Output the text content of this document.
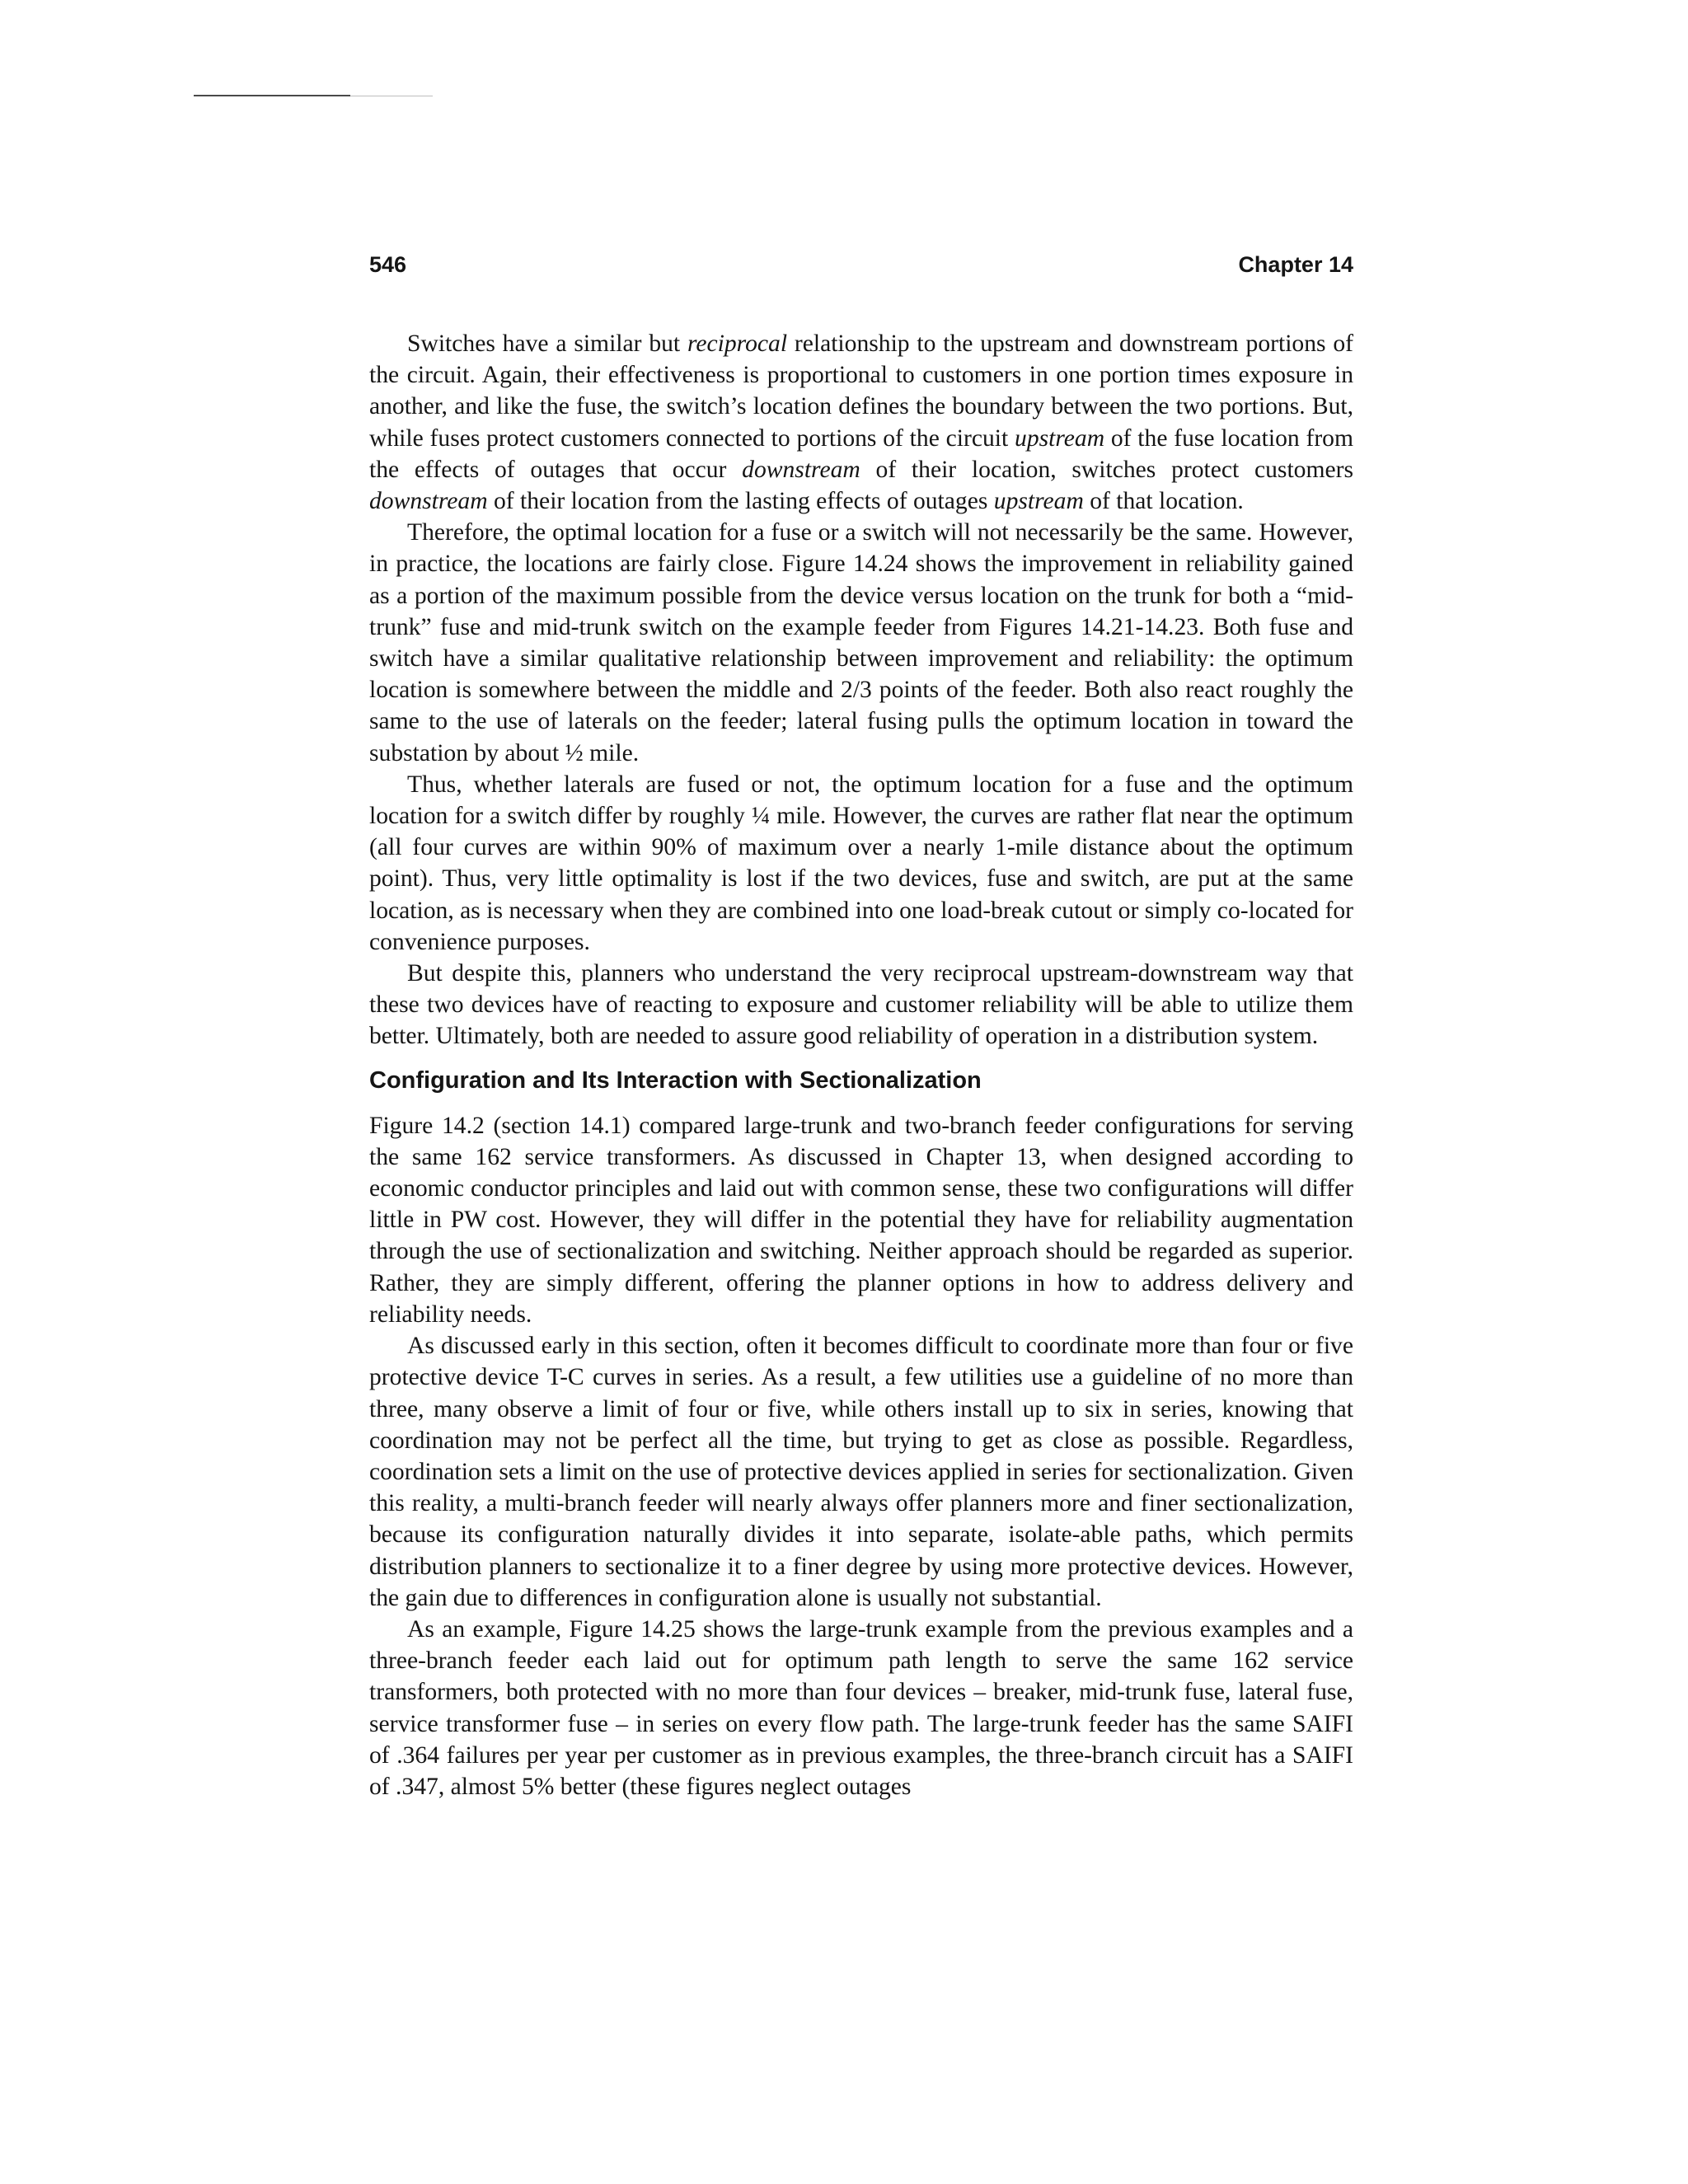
546	Chapter 14

Switches have a similar but reciprocal relationship to the upstream and downstream portions of the circuit. Again, their effectiveness is proportional to customers in one portion times exposure in another, and like the fuse, the switch’s location defines the boundary between the two portions. But, while fuses protect customers connected to portions of the circuit upstream of the fuse location from the effects of outages that occur downstream of their location, switches protect customers downstream of their location from the lasting effects of outages upstream of that location.

Therefore, the optimal location for a fuse or a switch will not necessarily be the same. However, in practice, the locations are fairly close. Figure 14.24 shows the improvement in reliability gained as a portion of the maximum possible from the device versus location on the trunk for both a “mid-trunk” fuse and mid-trunk switch on the example feeder from Figures 14.21-14.23. Both fuse and switch have a similar qualitative relationship between improvement and reliability: the optimum location is somewhere between the middle and 2/3 points of the feeder. Both also react roughly the same to the use of laterals on the feeder; lateral fusing pulls the optimum location in toward the substation by about ½ mile.

Thus, whether laterals are fused or not, the optimum location for a fuse and the optimum location for a switch differ by roughly ¼ mile. However, the curves are rather flat near the optimum (all four curves are within 90% of maximum over a nearly 1-mile distance about the optimum point). Thus, very little optimality is lost if the two devices, fuse and switch, are put at the same location, as is necessary when they are combined into one load-break cutout or simply co-located for convenience purposes.

But despite this, planners who understand the very reciprocal upstream-downstream way that these two devices have of reacting to exposure and customer reliability will be able to utilize them better. Ultimately, both are needed to assure good reliability of operation in a distribution system.

Configuration and Its Interaction with Sectionalization

Figure 14.2 (section 14.1) compared large-trunk and two-branch feeder configurations for serving the same 162 service transformers. As discussed in Chapter 13, when designed according to economic conductor principles and laid out with common sense, these two configurations will differ little in PW cost. However, they will differ in the potential they have for reliability augmentation through the use of sectionalization and switching. Neither approach should be regarded as superior. Rather, they are simply different, offering the planner options in how to address delivery and reliability needs.

As discussed early in this section, often it becomes difficult to coordinate more than four or five protective device T-C curves in series. As a result, a few utilities use a guideline of no more than three, many observe a limit of four or five, while others install up to six in series, knowing that coordination may not be perfect all the time, but trying to get as close as possible. Regardless, coordination sets a limit on the use of protective devices applied in series for sectionalization. Given this reality, a multi-branch feeder will nearly always offer planners more and finer sectionalization, because its configuration naturally divides it into separate, isolate-able paths, which permits distribution planners to sectionalize it to a finer degree by using more protective devices. However, the gain due to differences in configuration alone is usually not substantial.

As an example, Figure 14.25 shows the large-trunk example from the previous examples and a three-branch feeder each laid out for optimum path length to serve the same 162 service transformers, both protected with no more than four devices – breaker, mid-trunk fuse, lateral fuse, service transformer fuse – in series on every flow path. The large-trunk feeder has the same SAIFI of .364 failures per year per customer as in previous examples, the three-branch circuit has a SAIFI of .347, almost 5% better (these figures neglect outages
